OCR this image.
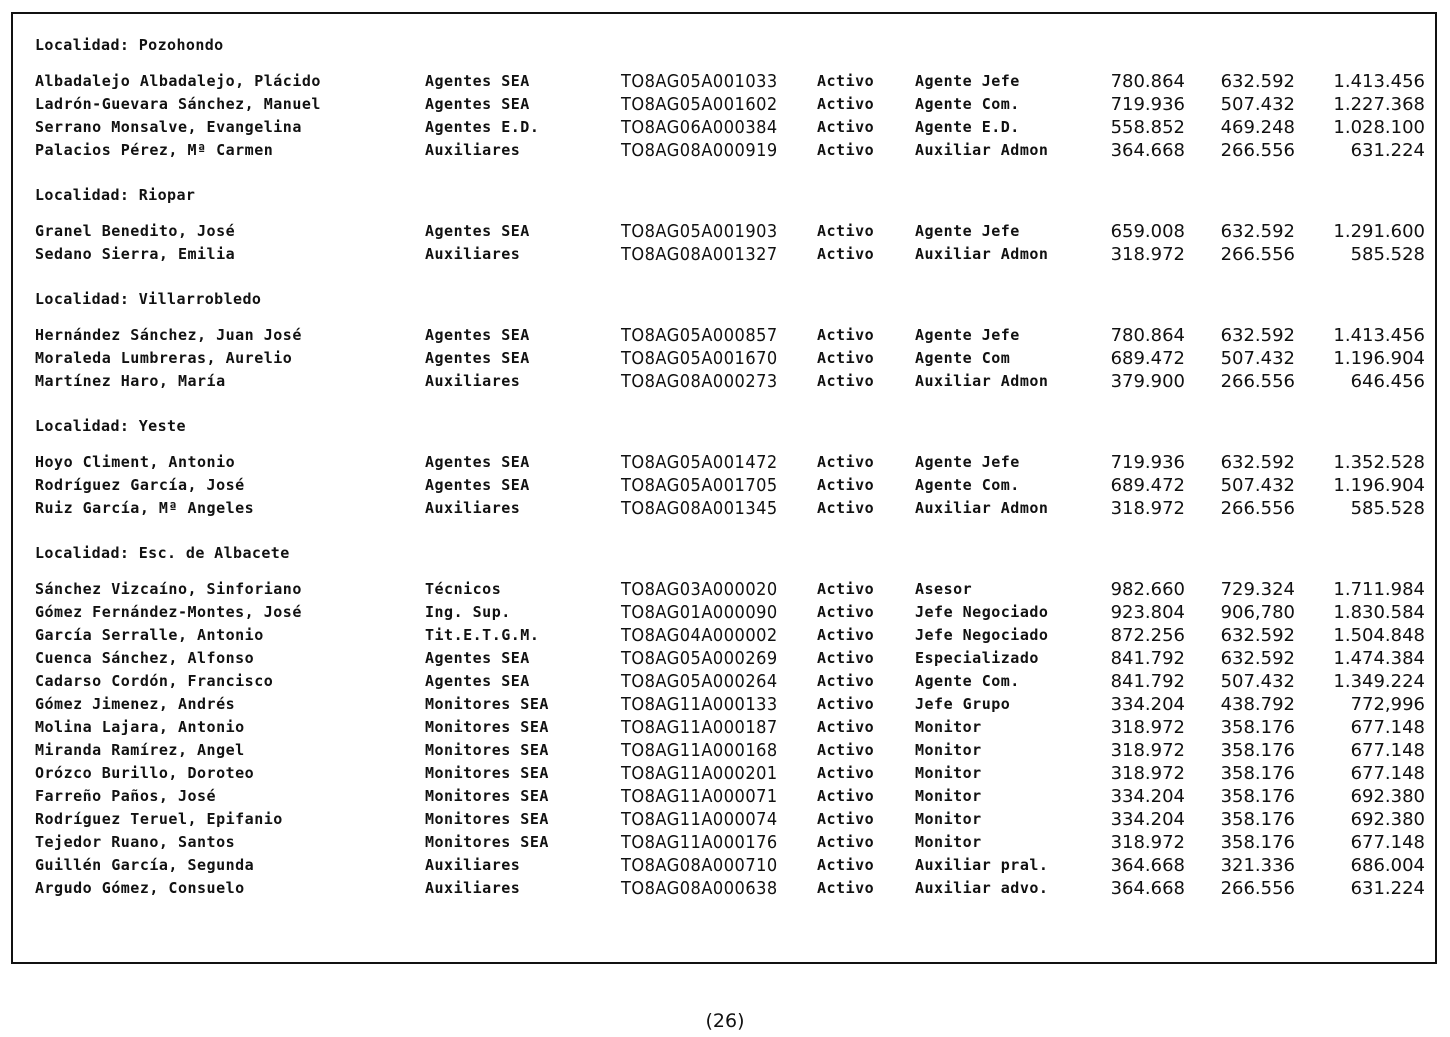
Localidad: Pozohondo
Albadalejo Albadalejo, Plácido	Agentes SEA	TO8AG05A001033	Activo	Agente Jefe	780.864	632.592	1.413.456
Ladrón-Guevara Sánchez, Manuel	Agentes SEA	TO8AG05A001602	Activo	Agente Com.	719.936	507.432	1.227.368
Serrano Monsalve, Evangelina	Agentes E.D.	TO8AG06A000384	Activo	Agente E.D.	558.852	469.248	1.028.100
Palacios Pérez, Mª Carmen	Auxiliares	TO8AG08A000919	Activo	Auxiliar Admon	364.668	266.556	631.224
Localidad: Riopar
Granel Benedito, José	Agentes SEA	TO8AG05A001903	Activo	Agente Jefe	659.008	632.592	1.291.600
Sedano Sierra, Emilia	Auxiliares	TO8AG08A001327	Activo	Auxiliar Admon	318.972	266.556	585.528
Localidad: Villarrobledo
Hernández Sánchez, Juan José	Agentes SEA	TO8AG05A000857	Activo	Agente Jefe	780.864	632.592	1.413.456
Moraleda Lumbreras, Aurelio	Agentes SEA	TO8AG05A001670	Activo	Agente Com	689.472	507.432	1.196.904
Martínez Haro, María	Auxiliares	TO8AG08A000273	Activo	Auxiliar Admon	379.900	266.556	646.456
Localidad: Yeste
Hoyo Climent, Antonio	Agentes SEA	TO8AG05A001472	Activo	Agente Jefe	719.936	632.592	1.352.528
Rodríguez García, José	Agentes SEA	TO8AG05A001705	Activo	Agente Com.	689.472	507.432	1.196.904
Ruiz García, Mª Angeles	Auxiliares	TO8AG08A001345	Activo	Auxiliar Admon	318.972	266.556	585.528
Localidad: Esc. de Albacete
Sánchez Vizcaíno, Sinforiano	Técnicos	TO8AG03A000020	Activo	Asesor	982.660	729.324	1.711.984
Gómez Fernández-Montes, José	Ing. Sup.	TO8AG01A000090	Activo	Jefe Negociado	923.804	906,780	1.830.584
García Serralle, Antonio	Tit.E.T.G.M.	TO8AG04A000002	Activo	Jefe Negociado	872.256	632.592	1.504.848
Cuenca Sánchez, Alfonso	Agentes SEA	TO8AG05A000269	Activo	Especializado	841.792	632.592	1.474.384
Cadarso Cordón, Francisco	Agentes SEA	TO8AG05A000264	Activo	Agente Com.	841.792	507.432	1.349.224
Gómez Jimenez, Andrés	Monitores SEA	TO8AG11A000133	Activo	Jefe Grupo	334.204	438.792	772,996
Molina Lajara, Antonio	Monitores SEA	TO8AG11A000187	Activo	Monitor	318.972	358.176	677.148
Miranda Ramírez, Angel	Monitores SEA	TO8AG11A000168	Activo	Monitor	318.972	358.176	677.148
Orózco Burillo, Doroteo	Monitores SEA	TO8AG11A000201	Activo	Monitor	318.972	358.176	677.148
Farreño Paños, José	Monitores SEA	TO8AG11A000071	Activo	Monitor	334.204	358.176	692.380
Rodríguez Teruel, Epifanio	Monitores SEA	TO8AG11A000074	Activo	Monitor	334.204	358.176	692.380
Tejedor Ruano, Santos	Monitores SEA	TO8AG11A000176	Activo	Monitor	318.972	358.176	677.148
Guillén García, Segunda	Auxiliares	TO8AG08A000710	Activo	Auxiliar pral.	364.668	321.336	686.004
Argudo Gómez, Consuelo	Auxiliares	TO8AG08A000638	Activo	Auxiliar advo.	364.668	266.556	631.224
(26)
